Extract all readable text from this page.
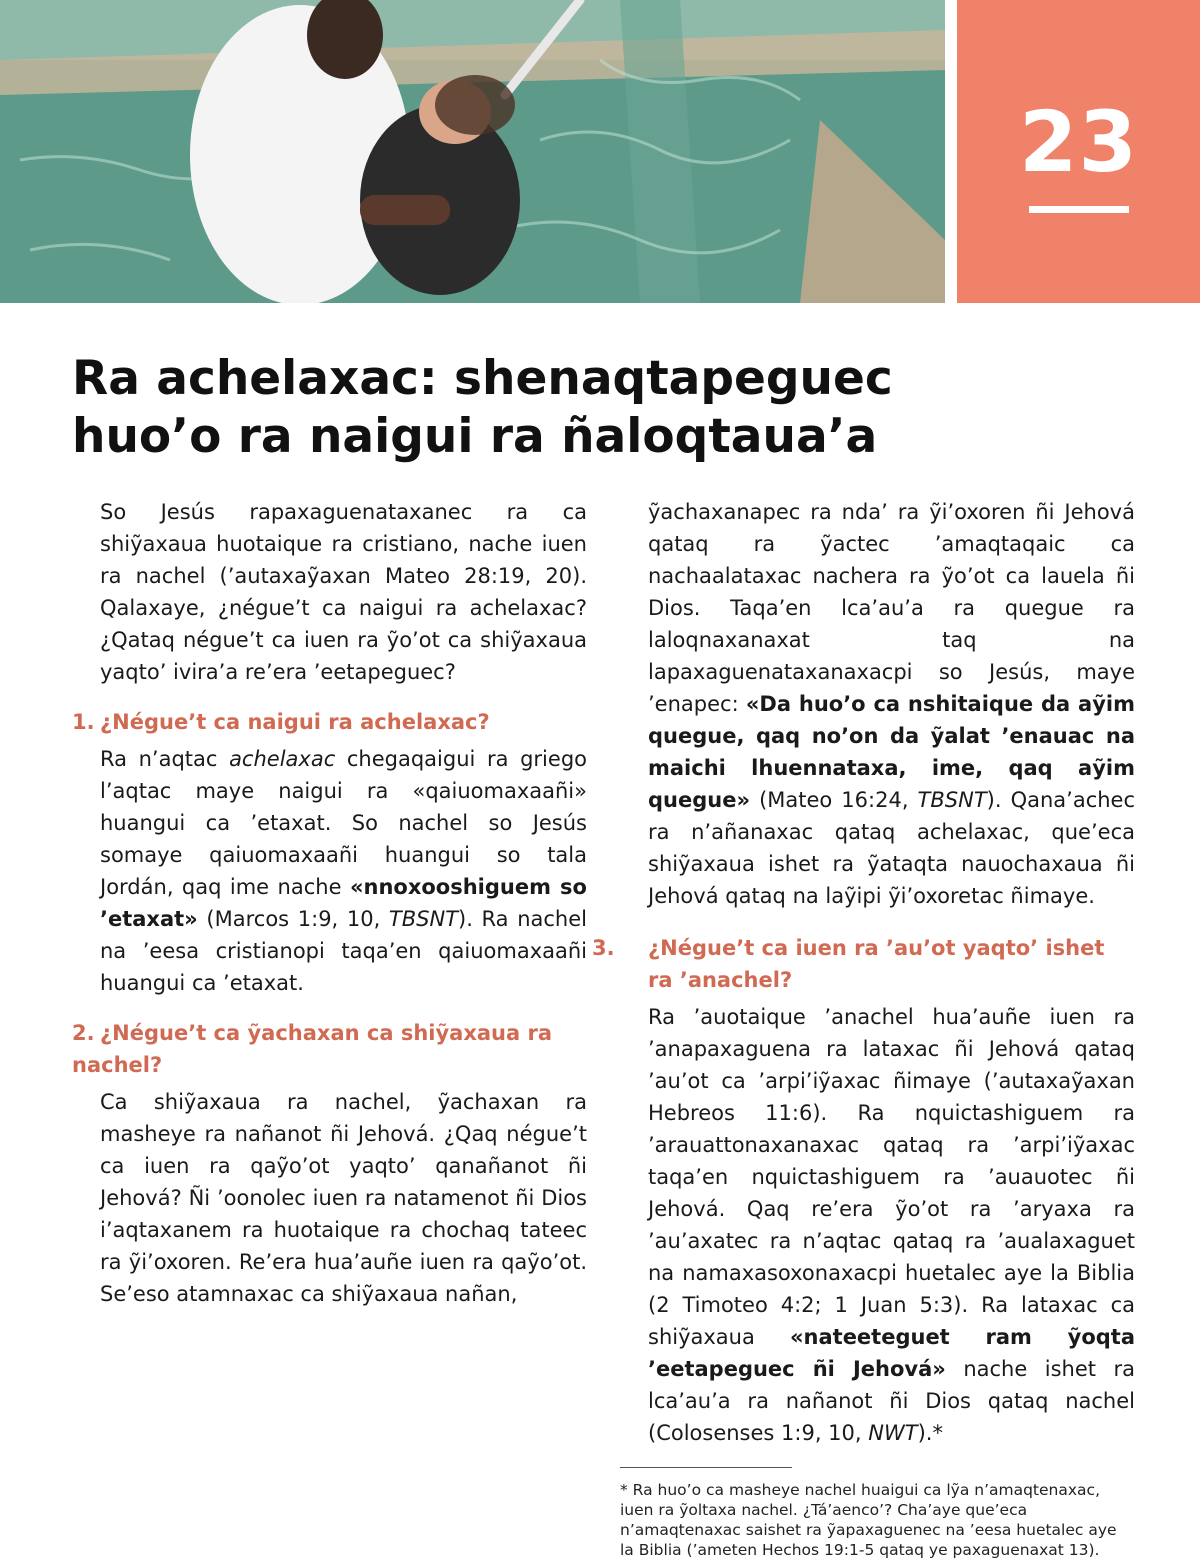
23
Ra achelaxac: shenaqtapeguec
huo’o ra naigui ra ñaloqtaua’a

So Jesús rapaxaguenataxanec ra ca shiỹaxaua huotaique ra cristiano, nache iuen ra nachel (’autaxaỹaxan Mateo 28:19, 20). Qalaxaye, ¿négue’t ca naigui ra achelaxac? ¿Qataq négue’t ca iuen ra ỹo’ot ca shiỹaxaua yaqto’ ivira’a re’era ’eetapeguec?

1. ¿Négue’t ca naigui ra achelaxac?

Ra n’aqtac achelaxac chegaqaigui ra griego l’aqtac maye naigui ra «qaiuomaxaañi» huangui ca ’etaxat. So nachel so Jesús somaye qaiuomaxaañi huangui so tala Jordán, qaq ime nache «nnoxooshiguem so ’etaxat» (Marcos 1:9, 10, TBSNT). Ra nachel na ’eesa cristianopi taqa’en qaiuomaxaañi huangui ca ’etaxat.

2. ¿Négue’t ca ỹachaxan ca shiỹaxaua ra nachel?

Ca shiỹaxaua ra nachel, ỹachaxan ra masheye ra nañanot ñi Jehová. ¿Qaq négue’t ca iuen ra qaỹo’ot yaqto’ qanañanot ñi Jehová? Ñi ’oonolec iuen ra natamenot ñi Dios i’aqtaxanem ra huotaique ra chochaq tateec ra ỹi’oxoren. Re’era hua’auñe iuen ra qaỹo’ot. Se’eso atamnaxac ca shiỹaxaua nañan,

3. ¿Négue’t ca iuen ra ’au’ot yaqto’ ishet ra ’anachel?

Ra ’auotaique ’anachel hua’auñe iuen ra ’anapaxaguena ra lataxac ñi Jehová qataq ’au’ot ca ’arpi’iỹaxac ñimaye (’autaxaỹaxan Hebreos 11:6). Ra nquictashiguem ra ’arauattonaxanaxac qataq ra ’arpi’iỹaxac taqa’en nquictashiguem ra ’auauotec ñi Jehová. Qaq re’era ỹo’ot ra ’aryaxa ra ’au’axatec ra n’aqtac qataq ra ’aualaxaguet na namaxasoxonaxacpi huetalec aye la Biblia (2 Timoteo 4:2; 1 Juan 5:3). Ra lataxac ca shiỹaxaua «nateeteguet ram ỹoqta ’eetapeguec ñi Jehová» nache ishet ra lca’au’a ra nañanot ñi Dios qataq nachel (Colosenses 1:9, 10, NWT).*

* Ra huo’o ca masheye nachel huaigui ca lỹa n’amaqtenaxac, iuen ra ỹoltaxa nachel. ¿Tá’aenco’? Cha’aye que’eca n’amaqtenaxac saishet ra ỹapaxaguenec na ’eesa huetalec aye la Biblia (’ameten Hechos 19:1-5 qataq ye paxaguenaxat 13).

ỹachaxanapec ra nda’ ra ỹi’oxoren ñi Jehová qataq ra ỹactec ’amaqtaqaic ca nachaalataxac nachera ra ỹo’ot ca lauela ñi Dios. Taqa’en lca’au’a ra quegue ra laloqnaxanaxat taq na lapaxaguenataxanaxacpi so Jesús, maye ’enapec: «Da huo’o ca nshitaique da aỹim quegue, qaq no’on da ỹalat ’enauac na maichi lhuennataxa, ime, qaq aỹim quegue» (Mateo 16:24, TBSNT). Qana’achec ra n’añanaxac qataq achelaxac, que’eca shiỹaxaua ishet ra ỹataqta nauochaxaua ñi Jehová qataq na laỹipi ỹi’oxoretac ñimaye.
